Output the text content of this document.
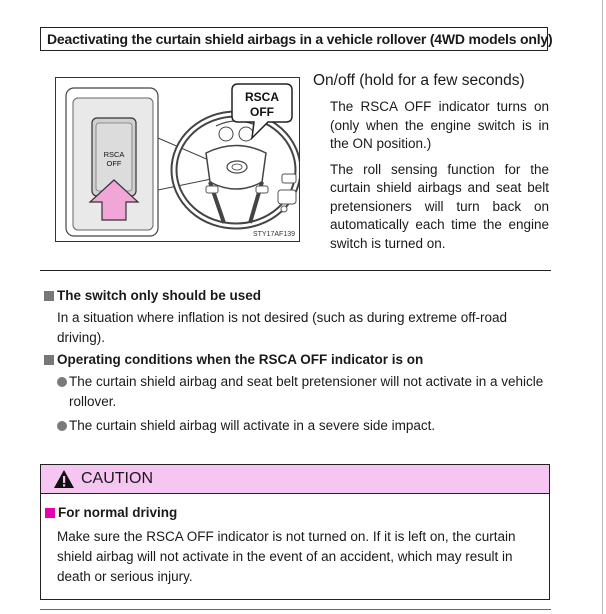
Deactivating the curtain shield airbags in a vehicle rollover (4WD models only)
RSCA
OFF
RSCA
OFF
STY17AF139

On/off (hold for a few seconds)

The RSCA OFF indicator turns on (only when the engine switch is in the ON position.)

The roll sensing function for the curtain shield airbags and seat belt pretensioners will turn back on automatically each time the engine switch is turned on.

The switch only should be used
In a situation where inflation is not desired (such as during extreme off-road driving).
Operating conditions when the RSCA OFF indicator is on
The curtain shield airbag and seat belt pretensioner will not activate in a vehicle rollover.
The curtain shield airbag will activate in a severe side impact.
CAUTION
For normal driving
Make sure the RSCA OFF indicator is not turned on. If it is left on, the curtain shield airbag will not activate in the event of an accident, which may result in death or serious injury.
